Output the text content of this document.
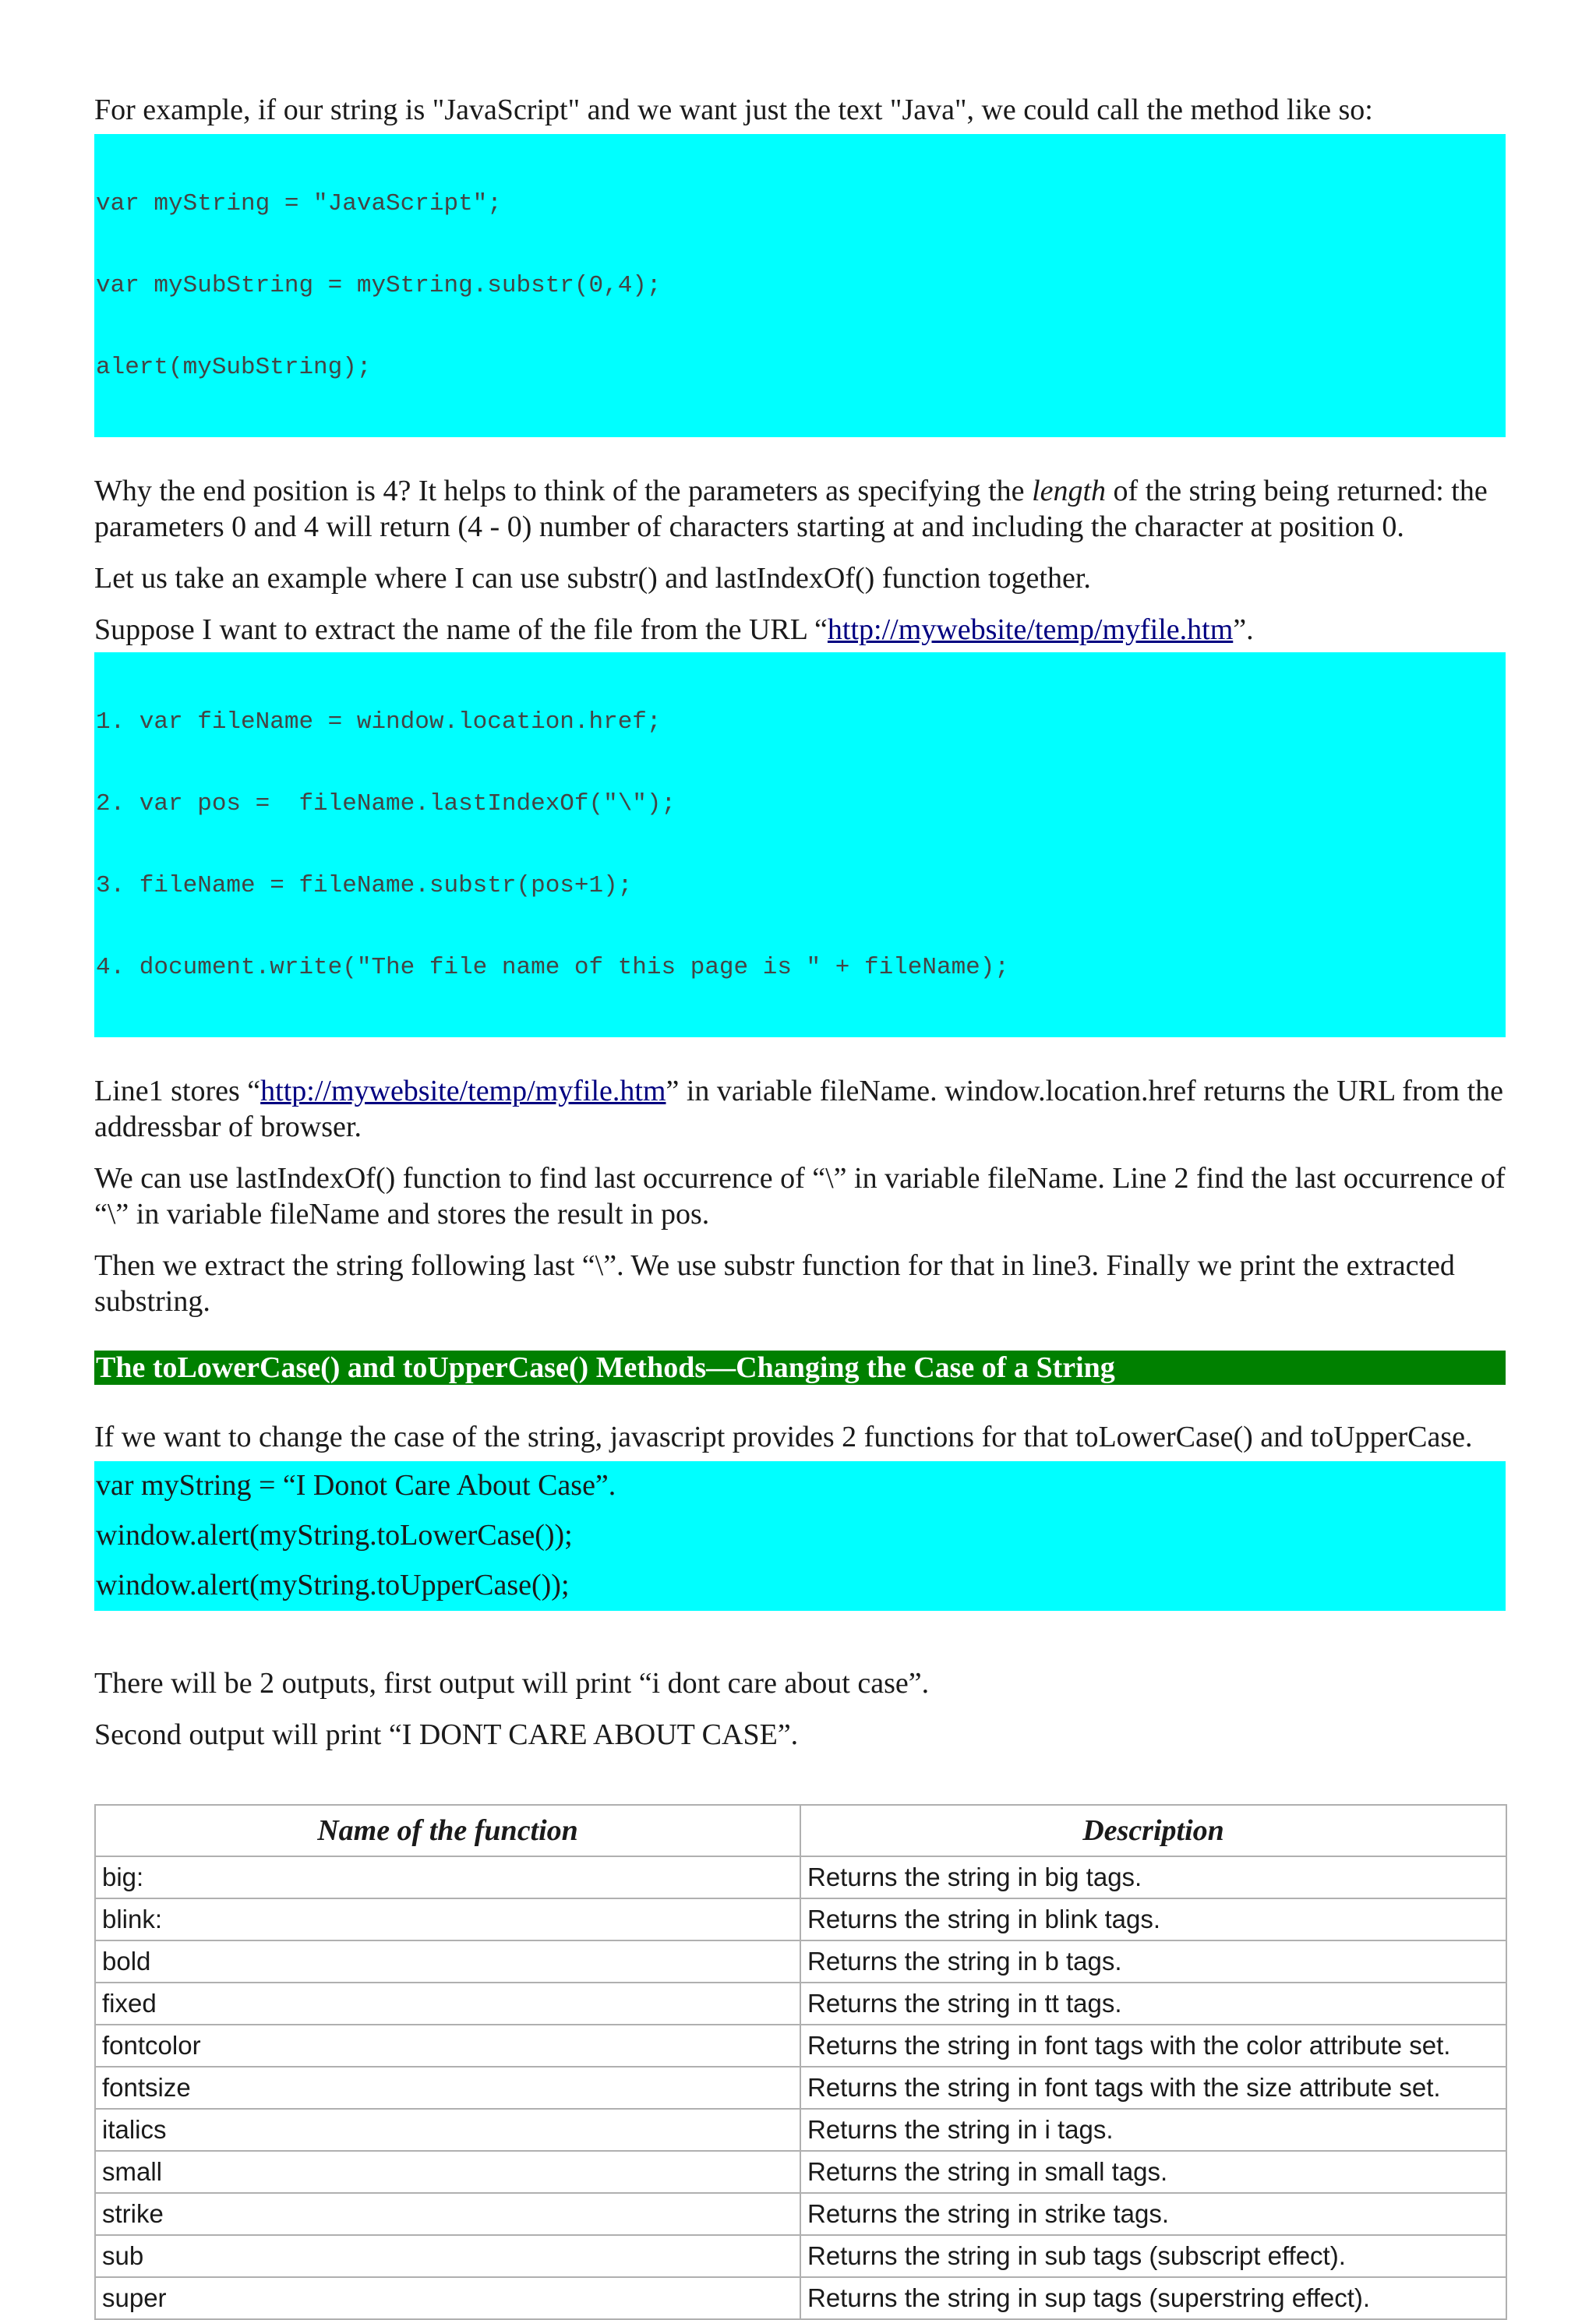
For example, if our string is "JavaScript" and we want just the text "Java", we could call the method like so:

var myString = "JavaScript";

var mySubString = myString.substr(0,4);

alert(mySubString);

Why the end position is 4? It helps to think of the parameters as specifying the length of the string being returned: the parameters 0 and 4 will return (4 - 0) number of characters starting at and including the character at position 0.

Let us take an example where I can use substr() and lastIndexOf() function together.

Suppose I want to extract the name of the file from the URL “http://mywebsite/temp/myfile.htm”.

1. var fileName = window.location.href;

2. var pos =  fileName.lastIndexOf("\");

3. fileName = fileName.substr(pos+1);

4. document.write("The file name of this page is " + fileName);

Line1 stores “http://mywebsite/temp/myfile.htm” in variable fileName. window.location.href returns the URL from the addressbar of browser.

We can use lastIndexOf() function to find last occurrence of “\” in variable fileName. Line 2 find the last occurrence of “\” in variable fileName and stores the result in pos.

Then we extract the string following last “\”. We use substr function for that in line3. Finally we print the extracted substring.

The toLowerCase() and toUpperCase() Methods—Changing the Case of a String

If we want to change the case of the string, javascript provides 2 functions for that toLowerCase() and toUpperCase.

var myString = “I Donot Care About Case”.
window.alert(myString.toLowerCase());
window.alert(myString.toUpperCase());

There will be 2 outputs, first output will print “i dont care about case”.

Second output will print “I DONT CARE ABOUT CASE”.

Name of the function	Description
big:	Returns the string in big tags.
blink:	Returns the string in blink tags.
bold	Returns the string in b tags.
fixed	Returns the string in tt tags.
fontcolor	Returns the string in font tags with the color attribute set.
fontsize	Returns the string in font tags with the size attribute set.
italics	Returns the string in i tags.
small	Returns the string in small tags.
strike	Returns the string in strike tags.
sub	Returns the string in sub tags (subscript effect).
super	Returns the string in sup tags (superstring effect).
